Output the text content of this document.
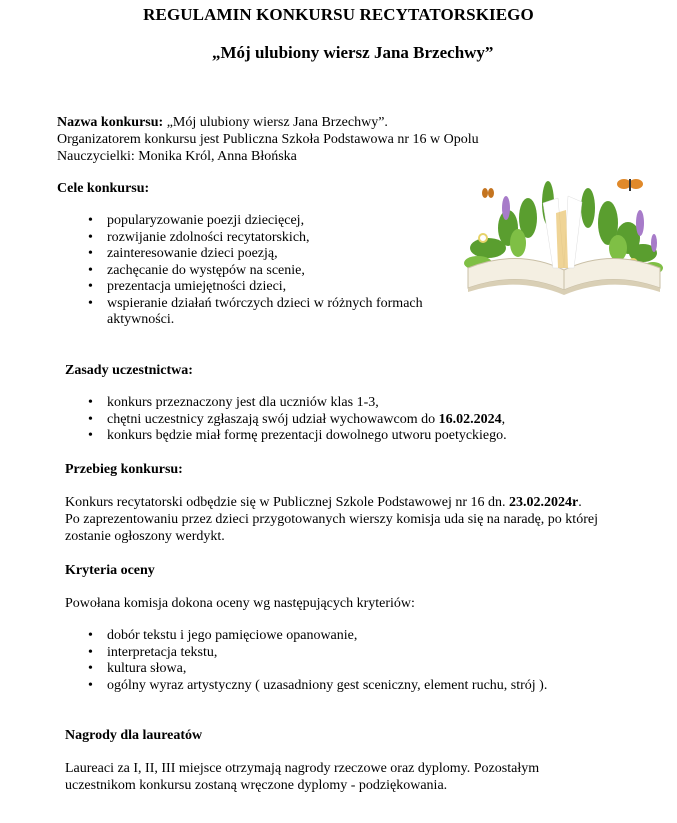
REGULAMIN KONKURSU RECYTATORSKIEGO
„Mój ulubiony wiersz Jana Brzechwy”
Nazwa konkursu: „Mój ulubiony wiersz Jana Brzechwy”.
Organizatorem konkursu jest Publiczna Szkoła Podstawowa nr 16 w Opolu
Nauczycielki: Monika Król, Anna Błońska
Cele konkursu:
• popularyzowanie poezji dziecięcej,
• rozwijanie zdolności recytatorskich,
• zainteresowanie dzieci poezją,
• zachęcanie do występów na scenie,
• prezentacja umiejętności dzieci,
• wspieranie działań twórczych dzieci w różnych formach aktywności.
Zasady uczestnictwa:
• konkurs przeznaczony jest dla uczniów klas 1-3,
• chętni uczestnicy zgłaszają swój udział wychowawcom do 16.02.2024,
• konkurs będzie miał formę prezentacji dowolnego utworu poetyckiego.
Przebieg konkursu:
Konkurs recytatorski odbędzie się w Publicznej Szkole Podstawowej nr 16 dn. 23.02.2024r.
Po zaprezentowaniu przez dzieci przygotowanych wierszy komisja uda się na naradę, po której
zostanie ogłoszony werdykt.
Kryteria oceny
Powołana komisja dokona oceny wg następujących kryteriów:
• dobór tekstu i jego pamięciowe opanowanie,
• interpretacja tekstu,
• kultura słowa,
• ogólny wyraz artystyczny ( uzasadniony gest sceniczny, element ruchu, strój ).
Nagrody dla laureatów
Laureaci za I, II, III miejsce otrzymają nagrody rzeczowe oraz dyplomy. Pozostałym
uczestnikom konkursu zostaną wręczone dyplomy - podziękowania.
